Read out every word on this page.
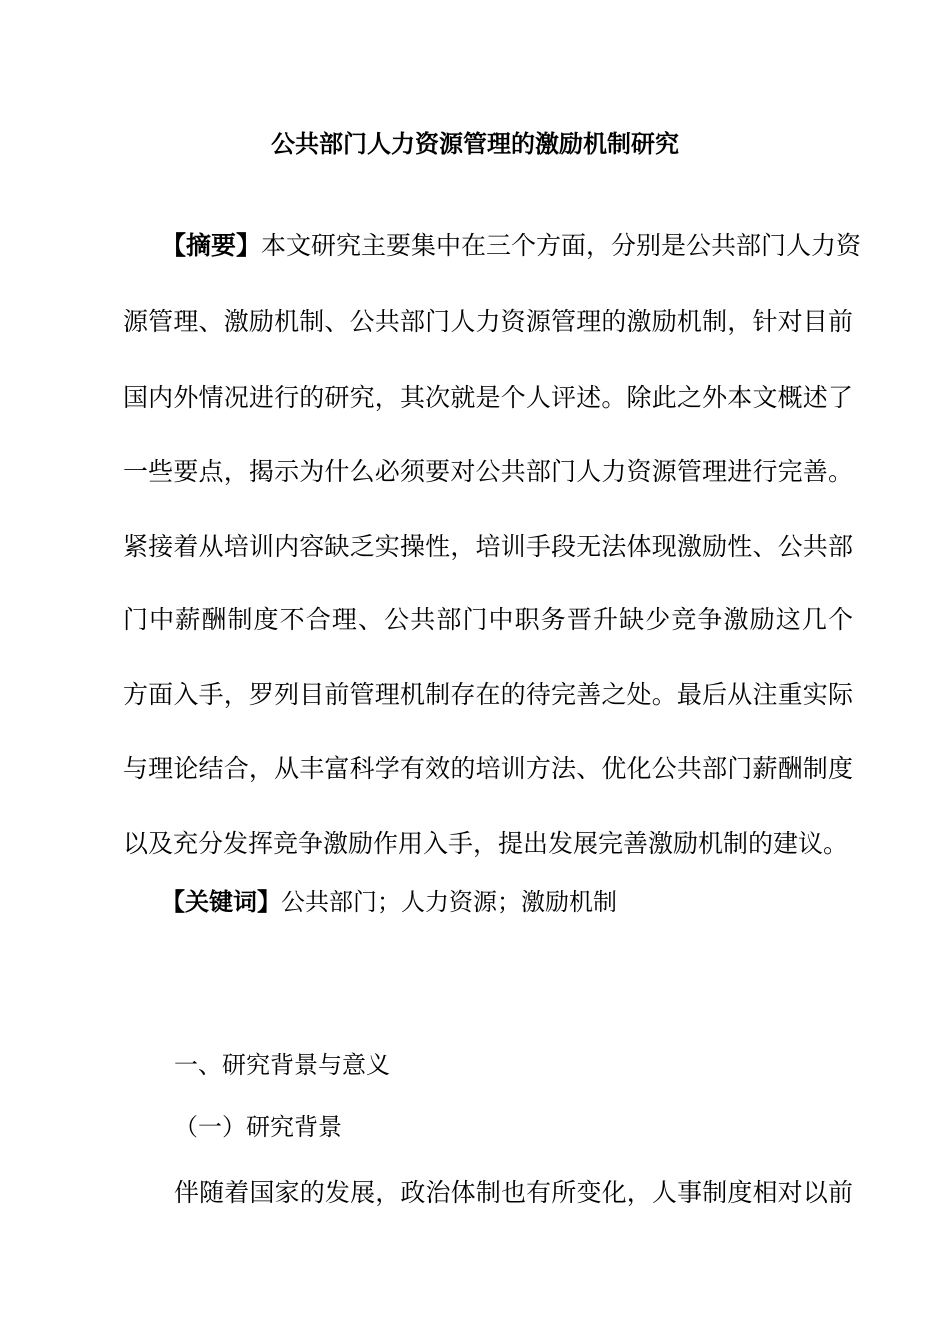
公共部门人力资源管理的激励机制研究
【摘要】本文研究主要集中在三个方面，分别是公共部门人力资
源管理、激励机制、公共部门人力资源管理的激励机制，针对目前
国内外情况进行的研究，其次就是个人评述。除此之外本文概述了
一些要点，揭示为什么必须要对公共部门人力资源管理进行完善。
紧接着从培训内容缺乏实操性，培训手段无法体现激励性、公共部
门中薪酬制度不合理、公共部门中职务晋升缺少竞争激励这几个
方面入手，罗列目前管理机制存在的待完善之处。最后从注重实际
与理论结合，从丰富科学有效的培训方法、优化公共部门薪酬制度
以及充分发挥竞争激励作用入手，提出发展完善激励机制的建议。
【关键词】公共部门；人力资源；激励机制
一、研究背景与意义
（一）研究背景
伴随着国家的发展，政治体制也有所变化，人事制度相对以前
